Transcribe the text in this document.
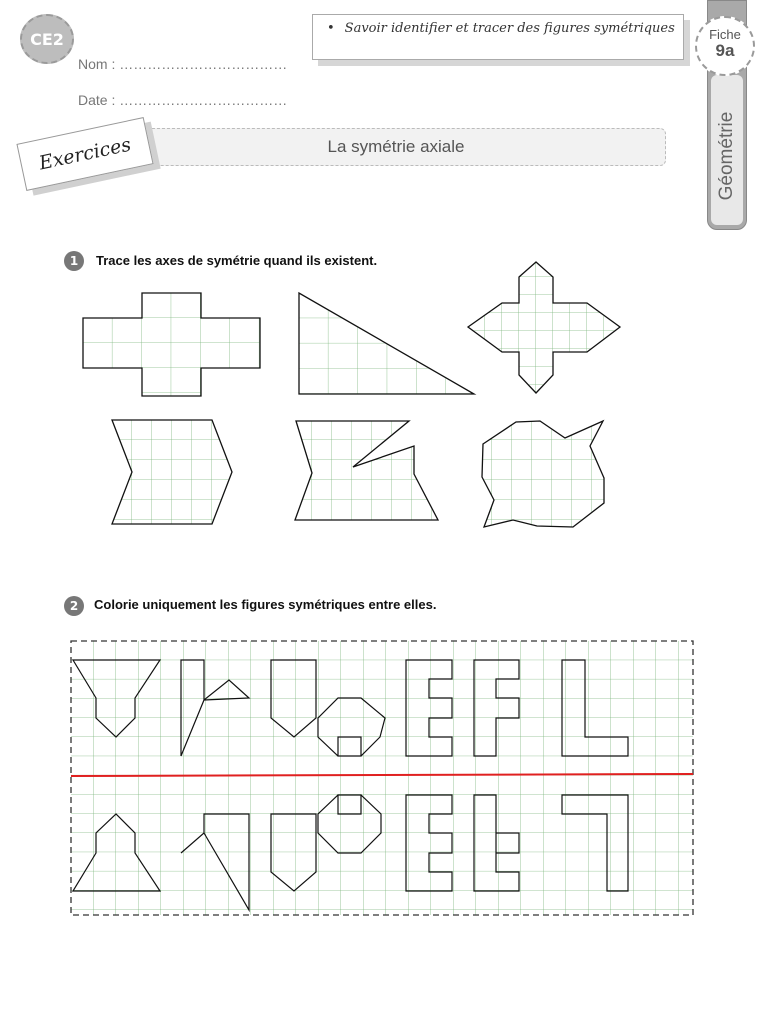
CE2
Nom : ………………………………
Date : ………………………………
• Savoir identifier et tracer des figures symétriques
Géométrie
Fiche
9a
La symétrie axiale
Exercices
1 Trace les axes de symétrie quand ils existent.
2 Colorie uniquement les figures symétriques entre elles.
